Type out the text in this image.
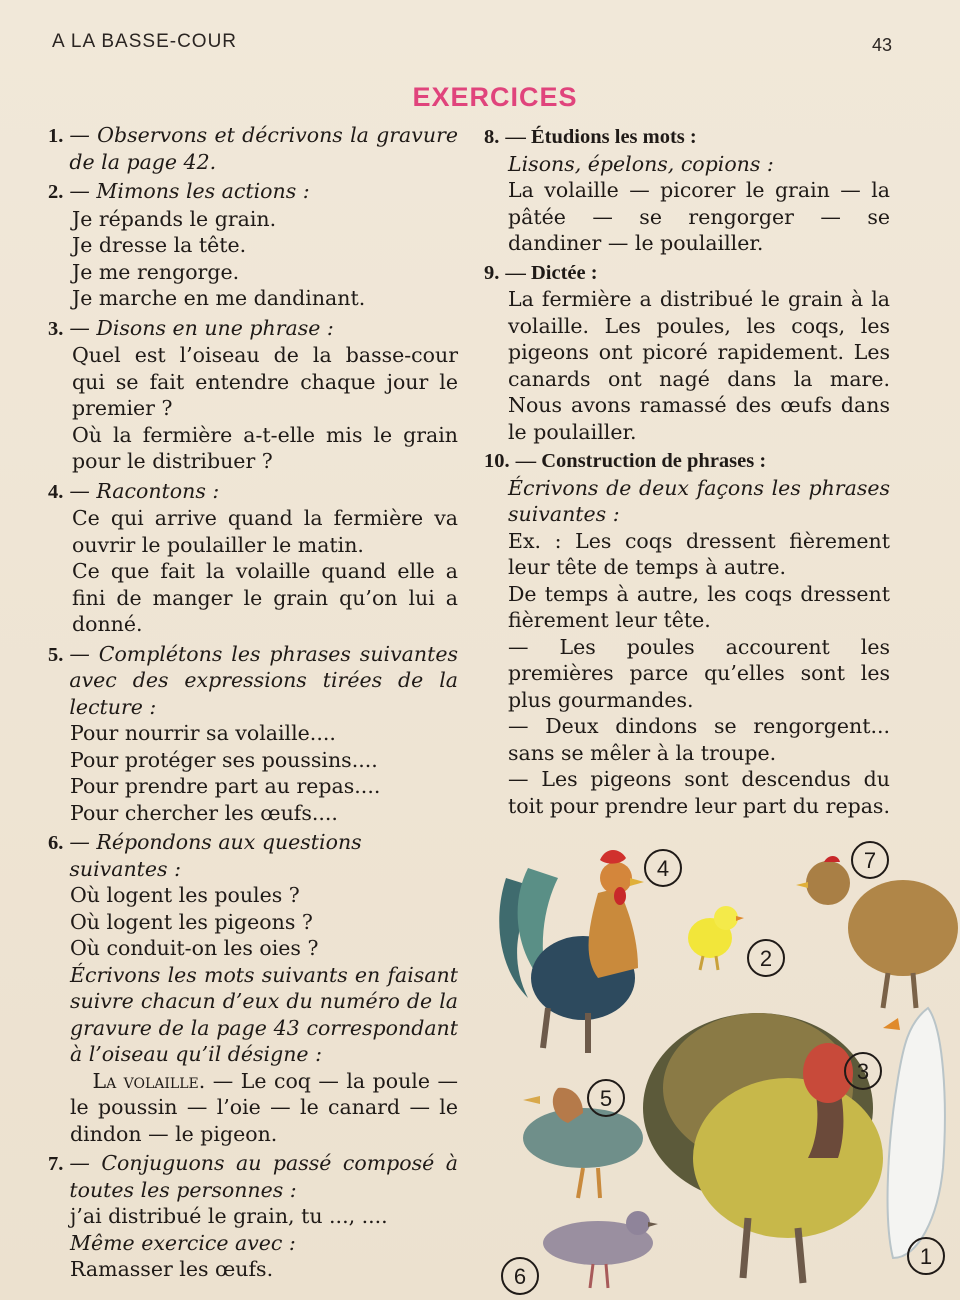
A LA BASSE-COUR	43
EXERCICES
1. — Observons et décrivons la gravure de la page 42.
2. — Mimons les actions :
Je répands le grain.
Je dresse la tête.
Je me rengorge.
Je marche en me dandinant.
3. — Disons en une phrase :
Quel est l’oiseau de la basse-cour qui se fait entendre chaque jour le premier ?
Où la fermière a-t-elle mis le grain pour le distribuer ?
4. — Racontons :
Ce qui arrive quand la fermière va ouvrir le poulailler le matin.
Ce que fait la volaille quand elle a fini de manger le grain qu’on lui a donné.
5. — Complétons les phrases suivantes avec des expressions tirées de la lecture :
Pour nourrir sa volaille....
Pour protéger ses poussins....
Pour prendre part au repas....
Pour chercher les œufs....
6. — Répondons aux questions suivantes :
Où logent les poules ?
Où logent les pigeons ?
Où conduit-on les oies ?
Écrivons les mots suivants en faisant suivre chacun d’eux du numéro de la gravure de la page 43 correspondant à l’oiseau qu’il désigne :
La volaille. — Le coq — la poule — le poussin — l’oie — le canard — le dindon — le pigeon.
7. — Conjuguons au passé composé à toutes les personnes :
j’ai distribué le grain, tu ..., ....
Même exercice avec :
Ramasser les œufs.
8. — Étudions les mots :
Lisons, épelons, copions :
La volaille — picorer le grain — la pâtée — se rengorger — se dandiner — le poulailler.
9. — Dictée :
La fermière a distribué le grain à la volaille. Les poules, les coqs, les pigeons ont picoré rapidement. Les canards ont nagé dans la mare. Nous avons ramassé des œufs dans le poulailler.
10. — Construction de phrases :
Écrivons de deux façons les phrases suivantes :
Ex. : Les coqs dressent fièrement leur tête de temps à autre.
De temps à autre, les coqs dressent fièrement leur tête.
— Les poules accourent les premières parce qu’elles sont les plus gourmandes.
— Deux dindons se rengorgent... sans se mêler à la troupe.
— Les pigeons sont descendus du toit pour prendre leur part du repas.
4	7
2
3
5
6
1
